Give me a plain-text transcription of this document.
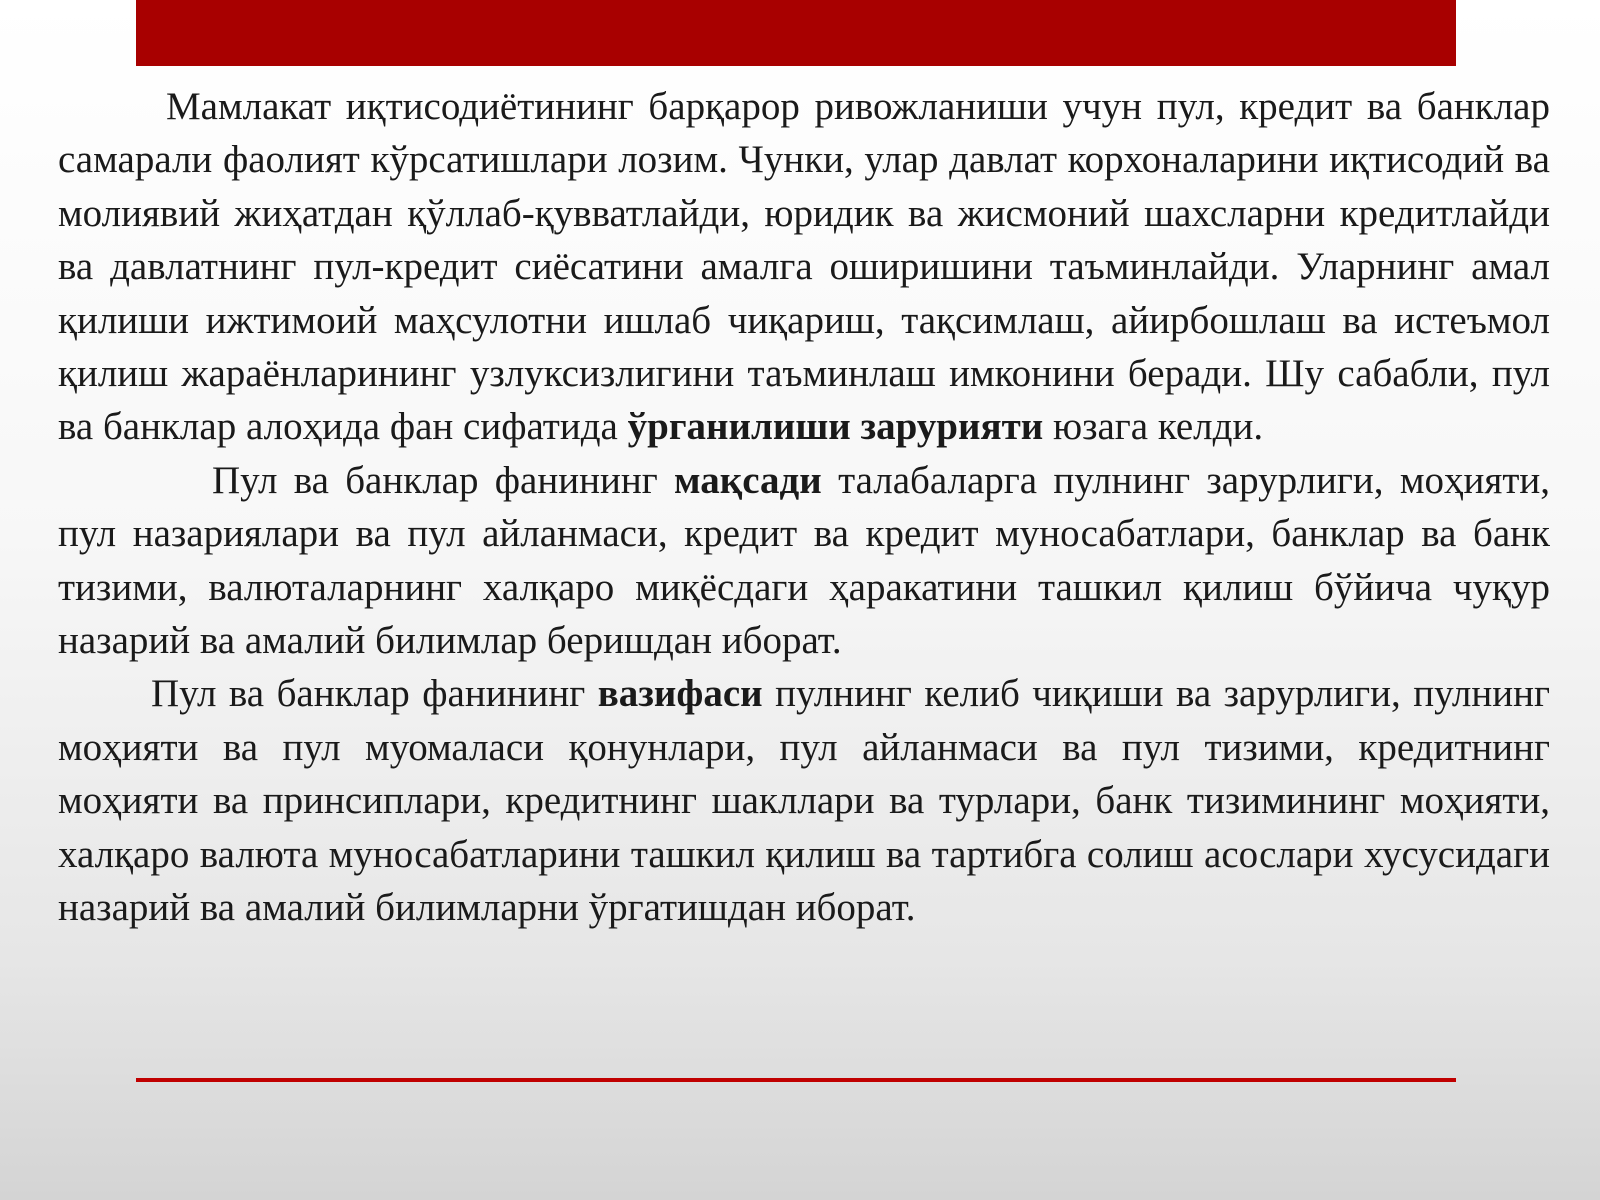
Мамлакат иқтисодиётининг барқарор ривожланиши учун пул, кредит ва банклар самарали фаолият кўрсатишлари лозим. Чунки, улар давлат корхоналарини иқтисодий ва молиявий жиҳатдан қўллаб-қувватлайди, юридик ва жисмоний шахсларни кредитлайди ва давлатнинг пул-кредит сиёсатини амалга оширишини таъминлайди. Уларнинг амал қилиши ижтимоий маҳсулотни ишлаб чиқариш, тақсимлаш, айирбошлаш ва истеъмол қилиш жараёнларининг узлуксизлигини таъминлаш имконини беради. Шу сабабли, пул ва банклар алоҳида фан сифатида ўрганилиши зарурияти юзага келди.

Пул ва банклар фанининг мақсади талабаларга пулнинг зарурлиги, моҳияти, пул назариялари ва пул айланмаси, кредит ва кредит муносабатлари, банклар ва банк тизими, валюталарнинг халқаро миқёсдаги ҳаракатини ташкил қилиш бўйича чуқур назарий ва амалий билимлар беришдан иборат.

Пул ва банклар фанининг вазифаси пулнинг келиб чиқиши ва зарурлиги, пулнинг моҳияти ва пул муомаласи қонунлари, пул айланмаси ва пул тизими, кредитнинг моҳияти ва принсиплари, кредитнинг шакллари ва турлари, банк тизимининг моҳияти, халқаро валюта муносабатларини ташкил қилиш ва тартибга солиш асослари хусусидаги назарий ва амалий билимларни ўргатишдан иборат.
